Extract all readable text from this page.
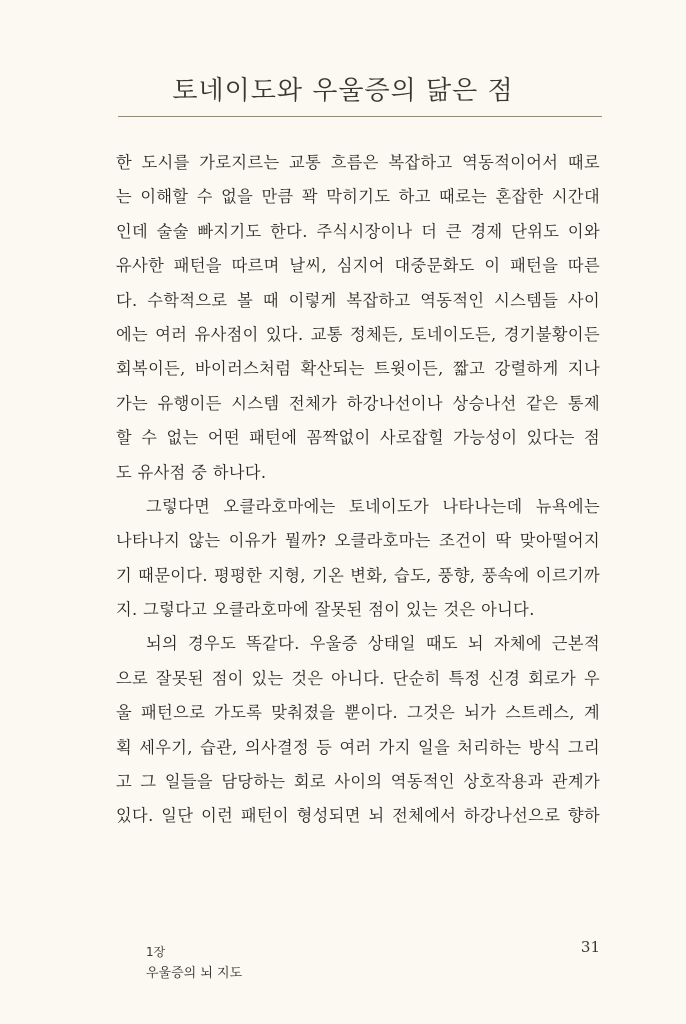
토네이도와 우울증의 닮은 점
한 도시를 가로지르는 교통 흐름은 복잡하고 역동적이어서 때로
는 이해할 수 없을 만큼 꽉 막히기도 하고 때로는 혼잡한 시간대
인데 술술 빠지기도 한다. 주식시장이나 더 큰 경제 단위도 이와
유사한 패턴을 따르며 날씨, 심지어 대중문화도 이 패턴을 따른
다. 수학적으로 볼 때 이렇게 복잡하고 역동적인 시스템들 사이
에는 여러 유사점이 있다. 교통 정체든, 토네이도든, 경기불황이든
회복이든, 바이러스처럼 확산되는 트윗이든, 짧고 강렬하게 지나
가는 유행이든 시스템 전체가 하강나선이나 상승나선 같은 통제
할 수 없는 어떤 패턴에 꼼짝없이 사로잡힐 가능성이 있다는 점
도 유사점 중 하나다.
그렇다면 오클라호마에는 토네이도가 나타나는데 뉴욕에는
나타나지 않는 이유가 뭘까? 오클라호마는 조건이 딱 맞아떨어지
기 때문이다. 평평한 지형, 기온 변화, 습도, 풍향, 풍속에 이르기까
지. 그렇다고 오클라호마에 잘못된 점이 있는 것은 아니다.
뇌의 경우도 똑같다. 우울증 상태일 때도 뇌 자체에 근본적
으로 잘못된 점이 있는 것은 아니다. 단순히 특정 신경 회로가 우
울 패턴으로 가도록 맞춰졌을 뿐이다. 그것은 뇌가 스트레스, 계
획 세우기, 습관, 의사결정 등 여러 가지 일을 처리하는 방식 그리
고 그 일들을 담당하는 회로 사이의 역동적인 상호작용과 관계가
있다. 일단 이런 패턴이 형성되면 뇌 전체에서 하강나선으로 향하
1장
우울증의 뇌 지도
31
